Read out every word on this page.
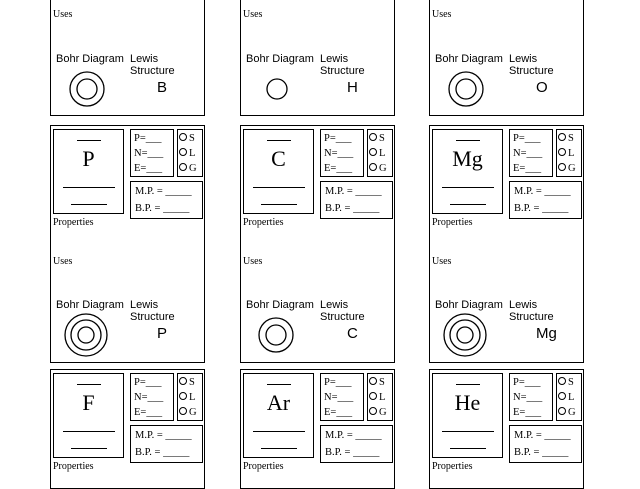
Uses
Bohr Diagram Lewis Structure
B
Uses
Bohr Diagram Lewis Structure
H
Uses
Bohr Diagram Lewis Structure
O
P
P=___
N=___
E=___
S
L
G
M.P. = _____
B.P. = _____
Properties
Uses
Bohr Diagram Lewis Structure
P
C
P=___
N=___
E=___
S
L
G
M.P. = _____
B.P. = _____
Properties
Uses
Bohr Diagram Lewis Structure
C
Mg
P=___
N=___
E=___
S
L
G
M.P. = _____
B.P. = _____
Properties
Uses
Bohr Diagram Lewis Structure
Mg
F
P=___
N=___
E=___
S
L
G
M.P. = _____
B.P. = _____
Properties
Ar
P=___
N=___
E=___
S
L
G
M.P. = _____
B.P. = _____
Properties
He
P=___
N=___
E=___
S
L
G
M.P. = _____
B.P. = _____
Properties
